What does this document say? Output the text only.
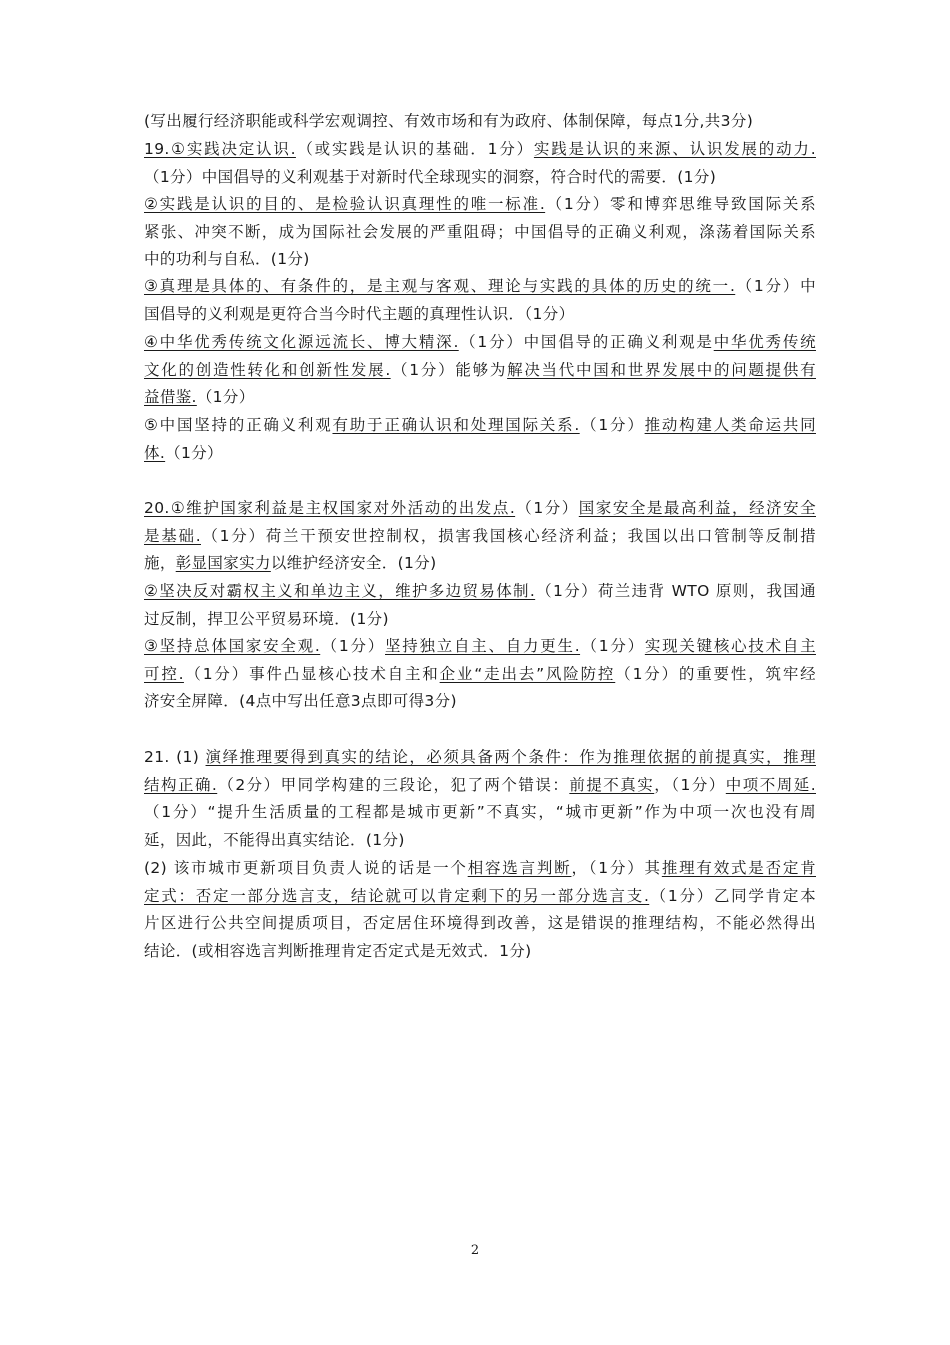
(写出履行经济职能或科学宏观调控、有效市场和有为政府、体制保障，每点1分,共3分)
19.①实践决定认识.（或实践是认识的基础．1分）实践是认识的来源、认识发展的动力.
（1分）中国倡导的义利观基于对新时代全球现实的洞察，符合时代的需要．(1分)
②实践是认识的目的、是检验认识真理性的唯一标准.（1分）零和博弈思维导致国际关系
紧张、冲突不断，成为国际社会发展的严重阻碍；中国倡导的正确义利观，涤荡着国际关系
中的功利与自私．(1分)
③真理是具体的、有条件的，是主观与客观、理论与实践的具体的历史的统一.（1分）中
国倡导的义利观是更符合当今时代主题的真理性认识．（1分）
④中华优秀传统文化源远流长、博大精深.（1分）中国倡导的正确义利观是中华优秀传统
文化的创造性转化和创新性发展.（1分）能够为解决当代中国和世界发展中的问题提供有
益借鉴.（1分）
⑤中国坚持的正确义利观有助于正确认识和处理国际关系.（1分）推动构建人类命运共同
体.（1分）
20.①维护国家利益是主权国家对外活动的出发点.（1分）国家安全是最高利益，经济安全
是基础.（1分）荷兰干预安世控制权，损害我国核心经济利益；我国以出口管制等反制措
施，彰显国家实力以维护经济安全．(1分)
②坚决反对霸权主义和单边主义，维护多边贸易体制.（1分）荷兰违背 WTO 原则，我国通
过反制，捍卫公平贸易环境．(1分)
③坚持总体国家安全观.（1分）坚持独立自主、自力更生.（1分）实现关键核心技术自主
可控.（1分）事件凸显核心技术自主和企业“走出去”风险防控（1分）的重要性，筑牢经
济安全屏障．(4点中写出任意3点即可得3分)
21. (1) 演绎推理要得到真实的结论，必须具备两个条件：作为推理依据的前提真实，推理
结构正确.（2分）甲同学构建的三段论，犯了两个错误：前提不真实，（1分）中项不周延.
（1分）“提升生活质量的工程都是城市更新”不真实，“城市更新”作为中项一次也没有周
延，因此，不能得出真实结论．(1分)
(2) 该市城市更新项目负责人说的话是一个相容选言判断，（1分）其推理有效式是否定肯
定式：否定一部分选言支，结论就可以肯定剩下的另一部分选言支.（1分）乙同学肯定本
片区进行公共空间提质项目，否定居住环境得到改善，这是错误的推理结构，不能必然得出
结论．(或相容选言判断推理肯定否定式是无效式．1分)
2
